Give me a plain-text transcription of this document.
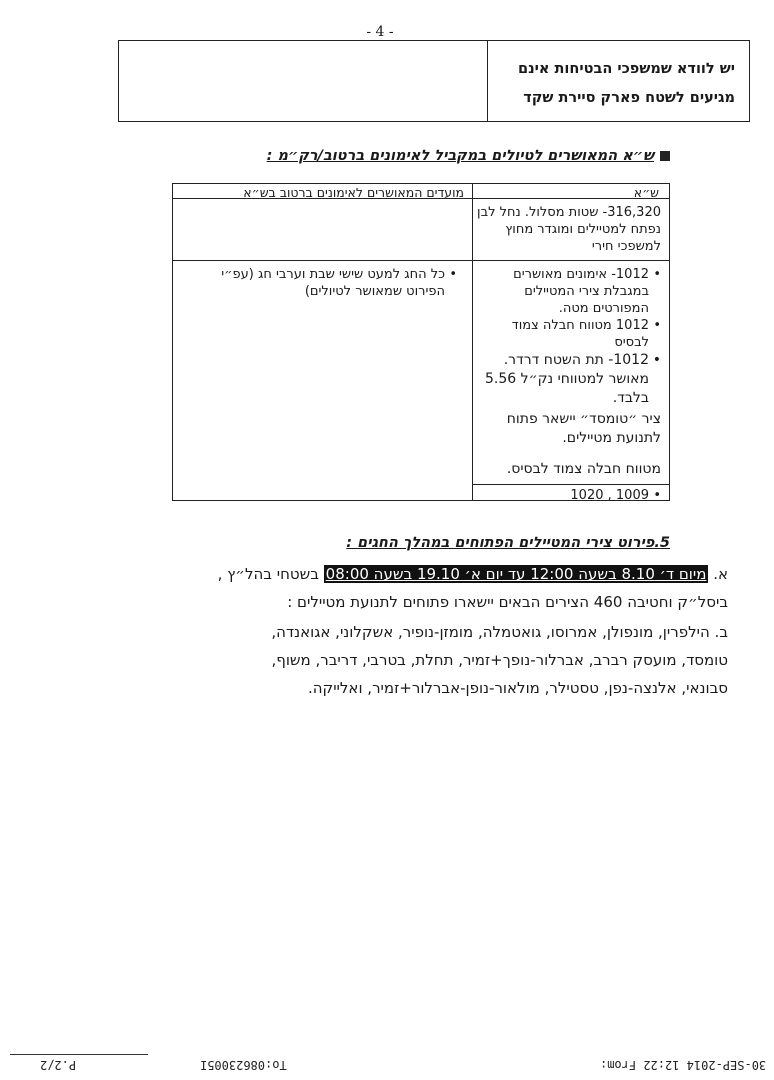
- 4 -
יש לוודא שמשפכי הבטיחות אינם
מגיעים לשטח פארק סיירת שקד
ש״א המאושרים לטיולים במקביל לאימונים ברטוב/רק״מ :
ש״א
מועדים המאושרים לאימונים ברטוב בש״א
316,320- שטות מסלול. נחל לבן נפתח למטיילים ומוגדר מחוץ למשפכי חירי
• 1012- אימונים מאושרים במגבלת צירי המטיילים המפורטים מטה.
• 1012 מטווח חבלה צמוד לבסיס
• 1012- תת השטח דרדר. מאושר למטווחי נק״ל 5.56 בלבד.
ציר ״טומסד״ יישאר פתוח לתנועת מטיילים.
מטווח חבלה צמוד לבסיס.
• כל החג למעט שישי שבת וערבי חג (עפ״י הפירוט שמאושר לטיולים)
• 1009 , 1020
5.פירוט צירי המטיילים הפתוחים במהלך החגים :
א. מיום ד׳ 8.10 בשעה 12:00 עד יום א׳ 19.10 בשעה 08:00 בשטחי בהל״ץ ,
ביסל״ק וחטיבה 460 הצירים הבאים יישארו פתוחים לתנועת מטיילים :
ב. הילפרין, מונפולן, אמרוסו, גואטמלה, מומזן-נופיר, אשקלוני, אגואנדה,
טומסד, מועסק רברב, אברלור-נופך+זמיר, תחלת, בטרבי, דריבר, משוף,
סבונאי, אלנצה-נפן, טסטילר, מולאור-נופן-אברלור+זמיר, ואלייקה.
30-SEP-2014 12:22 From:
To:08623005I
P.2/2
